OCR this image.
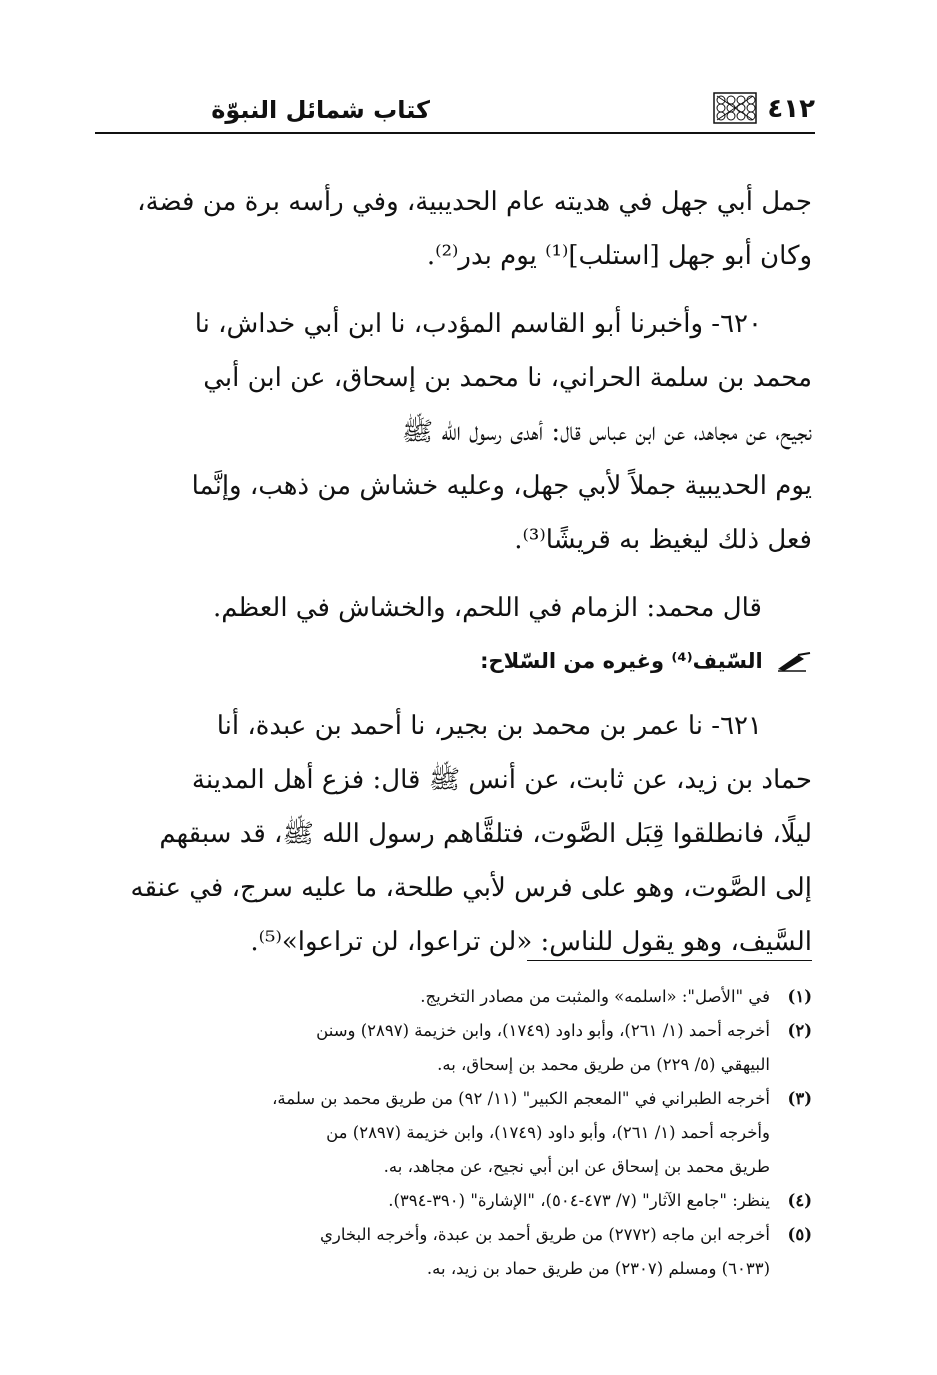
٤١٢
كتاب شمائل النبوّة

جمل أبي جهل في هديته عام الحديبية، وفي رأسه برة من فضة،
وكان أبو جهل [استلب]⁽¹⁾ يوم بدر⁽²⁾.

٦٢٠- وأخبرنا أبو القاسم المؤدب، نا ابن أبي خداش، نا
محمد بن سلمة الحراني، نا محمد بن إسحاق، عن ابن أبي
نجيح، عن مجاهد، عن ابن عباس قال: أهدى رسول الله ﷺ
يوم الحديبية جملاً لأبي جهل، وعليه خشاش من ذهب، وإنَّما
فعل ذلك ليغيظ به قريشًا⁽³⁾.

قال محمد: الزمام في اللحم، والخشاش في العظم.

السّيف⁽⁴⁾ وغيره من السّلاح:

٦٢١- نا عمر بن محمد بن بجير، نا أحمد بن عبدة، أنا
حماد بن زيد، عن ثابت، عن أنس ﷺ قال: فزع أهل المدينة
ليلًا، فانطلقوا قِبَل الصَّوت، فتلقَّاهم رسول الله ﷺ، قد سبقهم
إلى الصَّوت، وهو على فرس لأبي طلحة، ما عليه سرج، في عنقه
السَّيف، وهو يقول للناس: «لن تراعوا، لن تراعوا»⁽⁵⁾.

(١)
في "الأصل": «اسلمه» والمثبت من مصادر التخريج.
(٢)
أخرجه أحمد (١/ ٢٦١)، وأبو داود (١٧٤٩)، وابن خزيمة (٢٨٩٧) وسنن
البيهقي (٥/ ٢٢٩) من طريق محمد بن إسحاق، به.
(٣)
أخرجه الطبراني في "المعجم الكبير" (١١/ ٩٢) من طريق محمد بن سلمة،
وأخرجه أحمد (١/ ٢٦١)، وأبو داود (١٧٤٩)، وابن خزيمة (٢٨٩٧) من
طريق محمد بن إسحاق عن ابن أبي نجيح، عن مجاهد، به.
(٤)
ينظر: "جامع الآثار" (٧/ ٤٧٣-٥٠٤)، "الإشارة" (٣٩٠-٣٩٤).
(٥)
أخرجه ابن ماجه (٢٧٧٢) من طريق أحمد بن عبدة، وأخرجه البخاري
(٦٠٣٣) ومسلم (٢٣٠٧) من طريق حماد بن زيد، به.
